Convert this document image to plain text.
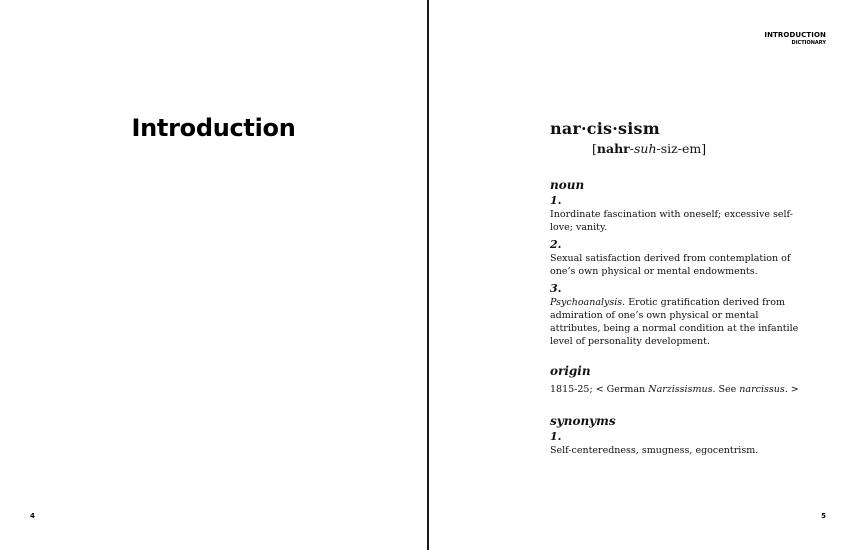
Introduction
4
INTRODUCTION
DICTIONARY
nar·cis·sism
[nahr-suh-siz-em]
noun
1.
Inordinate fascination with oneself; excessive self-love; vanity.
2.
Sexual satisfaction derived from contemplation of one’s own physical or mental endowments.
3.
Psychoanalysis. Erotic gratification derived from admiration of one’s own physical or mental attributes, being a normal condition at the infantile level of personality development.
origin
1815-25; < German Narzissismus. See narcissus. >
synonyms
1.
Self-centeredness, smugness, egocentrism.
5
